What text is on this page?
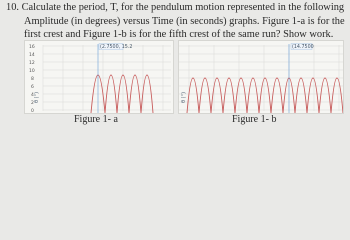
10. Calculate the period, T, for the pendulum motion represented in the following
Amplitude (in degrees) versus Time (in seconds) graphs. Figure 1-a is for the
first crest and Figure 1-b is for the fifth crest of the same run? Show work.
16
14
12
10
8
6
4
2
0
θ (°)
(2.7500, 15.2
θ (°)
(14.7500
Figure 1- a	Figure 1- b
